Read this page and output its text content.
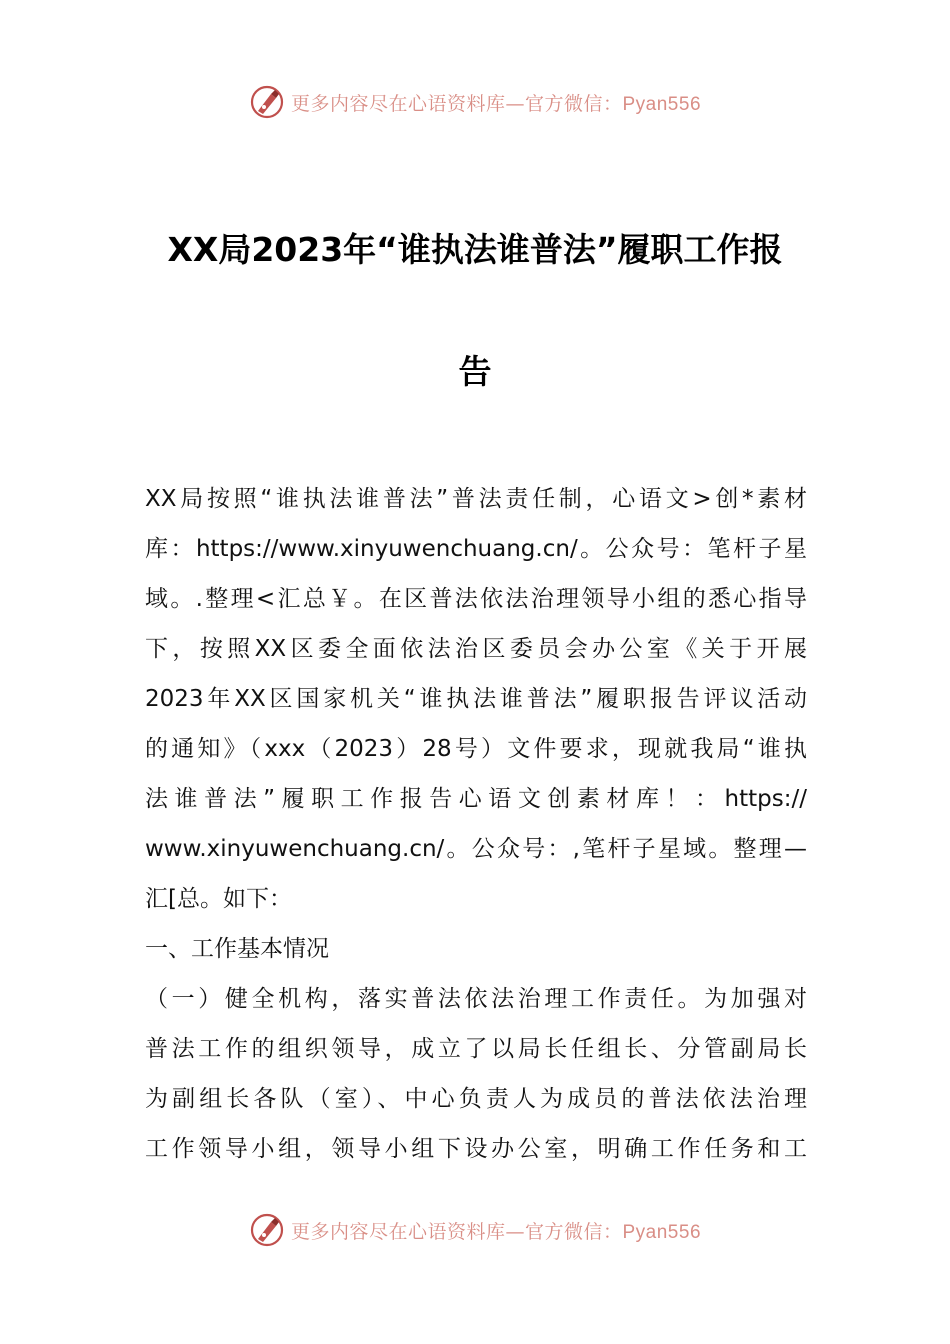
更多内容尽在心语资料库—官方微信：Pyan556
XX局2023年“谁执法谁普法”履职工作报
告
XX局按照“谁执法谁普法”普法责任制，心语文>创*素材
库：https://www.xinyuwenchuang.cn/。公众号：笔杆子星
域。.整理<汇总￥。在区普法依法治理领导小组的悉心指导
下，按照XX区委全面依法治区委员会办公室《关于开展
2023年XX区国家机关“谁执法谁普法”履职报告评议活动
的通知》（xxx（2023）28号）文件要求，现就我局“谁执
法谁普法”履职工作报告心语文创素材库！：https://
www.xinyuwenchuang.cn/。公众号：,笔杆子星域。整理—
汇[总。如下：
一、工作基本情况
（一）健全机构，落实普法依法治理工作责任。为加强对
普法工作的组织领导，成立了以局长任组长、分管副局长
为副组长各队（室）、中心负责人为成员的普法依法治理
工作领导小组，领导小组下设办公室，明确工作任务和工
更多内容尽在心语资料库—官方微信：Pyan556
